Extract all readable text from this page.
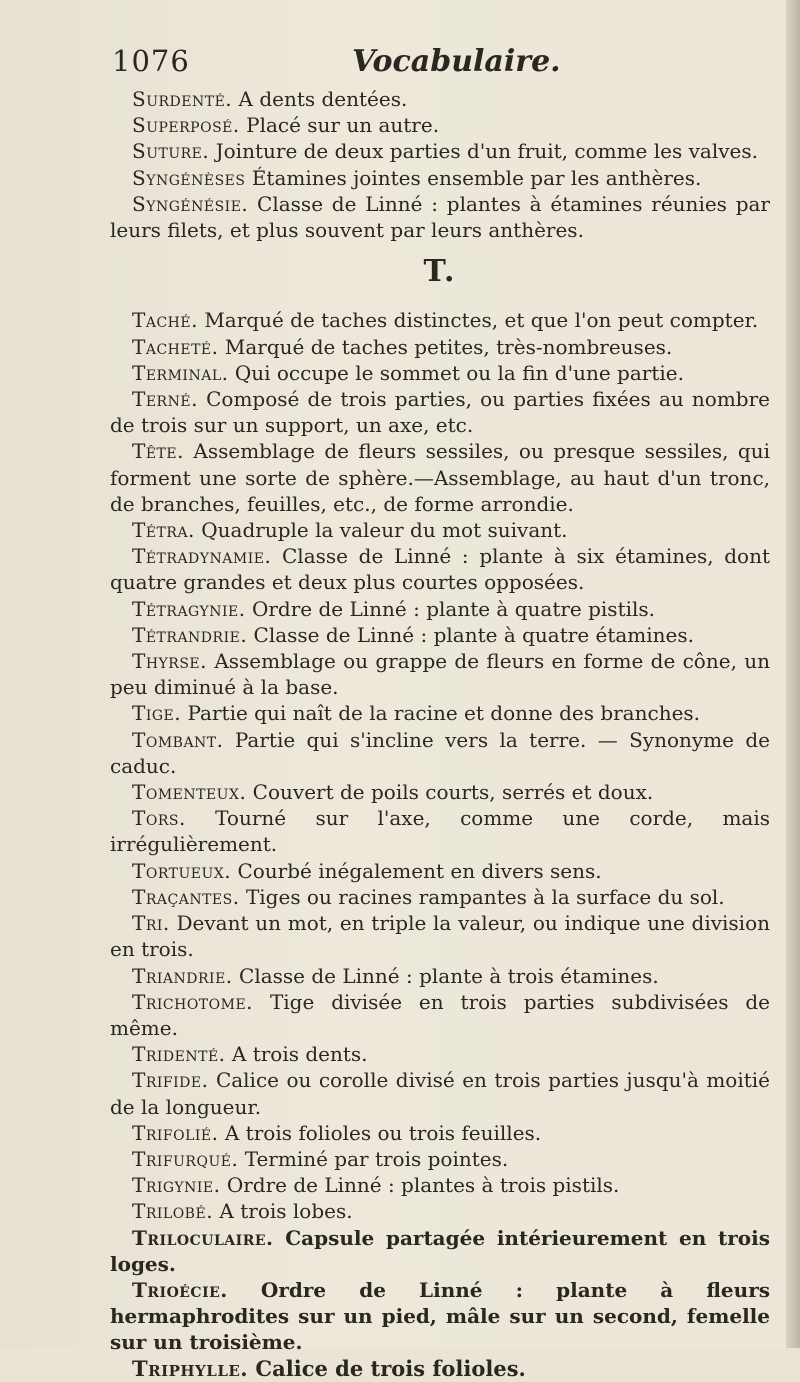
1076	Vocabulaire.

Surdenté. A dents dentées.

Superposé. Placé sur un autre.

Suture. Jointure de deux parties d'un fruit, comme les valves.

Syngénèses Étamines jointes ensemble par les anthères.

Syngénésie. Classe de Linné : plantes à étamines réunies par leurs filets, et plus souvent par leurs anthères.

T.

Taché. Marqué de taches distinctes, et que l'on peut compter.

Tacheté. Marqué de taches petites, très-nombreuses.

Terminal. Qui occupe le sommet ou la fin d'une partie.

Terné. Composé de trois parties, ou parties fixées au nombre de trois sur un support, un axe, etc.

Tête. Assemblage de fleurs sessiles, ou presque sessiles, qui forment une sorte de sphère.—Assemblage, au haut d'un tronc, de branches, feuilles, etc., de forme arrondie.

Tétra. Quadruple la valeur du mot suivant.

Tétradynamie. Classe de Linné : plante à six étamines, dont quatre grandes et deux plus courtes opposées.

Tétragynie. Ordre de Linné : plante à quatre pistils.

Tétrandrie. Classe de Linné : plante à quatre étamines.

Thyrse. Assemblage ou grappe de fleurs en forme de cône, un peu diminué à la base.

Tige. Partie qui naît de la racine et donne des branches.

Tombant. Partie qui s'incline vers la terre. — Synonyme de caduc.

Tomenteux. Couvert de poils courts, serrés et doux.

Tors. Tourné sur l'axe, comme une corde, mais irrégulièrement.

Tortueux. Courbé inégalement en divers sens.

Traçantes. Tiges ou racines rampantes à la surface du sol.

Tri. Devant un mot, en triple la valeur, ou indique une division en trois.

Triandrie. Classe de Linné : plante à trois étamines.

Trichotome. Tige divisée en trois parties subdivisées de même.

Tridenté. A trois dents.

Trifide. Calice ou corolle divisé en trois parties jusqu'à moitié de la longueur.

Trifolié. A trois folioles ou trois feuilles.

Trifurqué. Terminé par trois pointes.

Trigynie. Ordre de Linné : plantes à trois pistils.

Trilobé. A trois lobes.

Triloculaire. Capsule partagée intérieurement en trois loges.

Trioécie. Ordre de Linné : plante à fleurs hermaphrodites sur un pied, mâle sur un second, femelle sur un troisième.

Triphylle. Calice de trois folioles.
